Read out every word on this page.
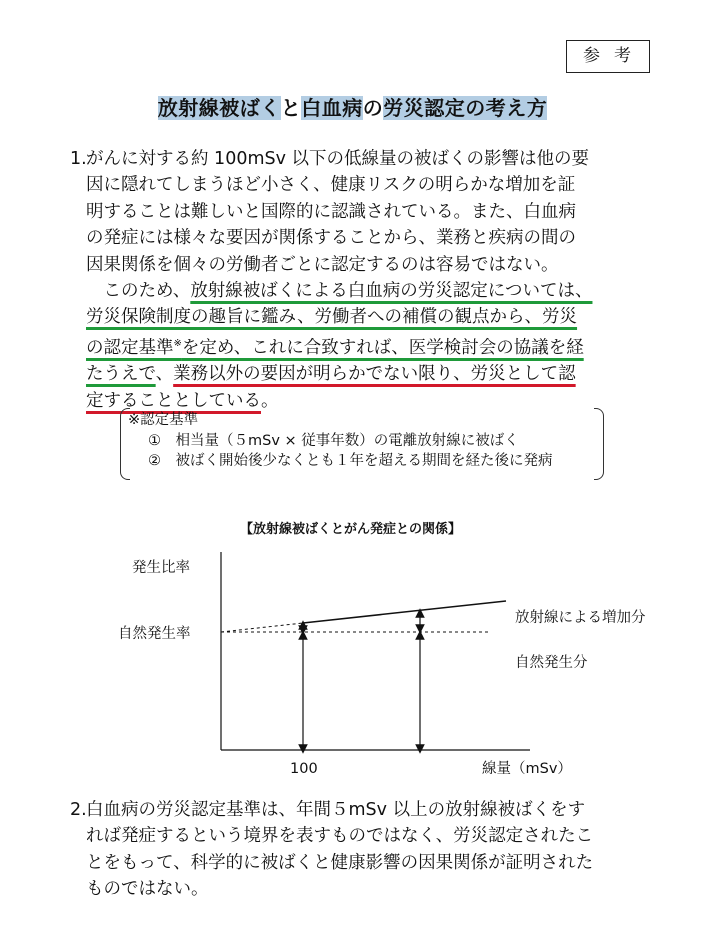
参考
放射線被ばくと白血病の労災認定の考え方
1. がんに対する約 100mSv 以下の低線量の被ばくの影響は他の要
因に隠れてしまうほど小さく、健康リスクの明らかな増加を証
明することは難しいと国際的に認識されている。また、白血病
の発症には様々な要因が関係することから、業務と疾病の間の
因果関係を個々の労働者ごとに認定するのは容易ではない。
　このため、放射線被ばくによる白血病の労災認定については、
労災保険制度の趣旨に鑑み、労働者への補償の観点から、労災
の認定基準※を定め、これに合致すれば、医学検討会の協議を経
たうえで、業務以外の要因が明らかでない限り、労災として認
定することとしている。
※認定基準
①　相当量（５mSv × 従事年数）の電離放射線に被ばく
②　被ばく開始後少なくとも１年を超える期間を経た後に発病
【放射線被ばくとがん発症との関係】
発生比率
自然発生率
放射線による増加分
自然発生分
100	線量（mSv）
2. 白血病の労災認定基準は、年間５mSv 以上の放射線被ばくをす
れば発症するという境界を表すものではなく、労災認定されたこ
とをもって、科学的に被ばくと健康影響の因果関係が証明された
ものではない。
